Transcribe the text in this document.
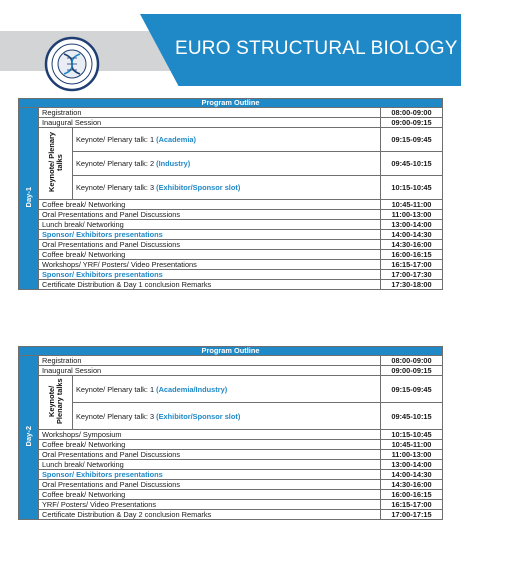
EURO STRUCTURAL BIOLOGY 2019
Program Outline			
Day-1	Registration		08:00-09:00
	Inaugural Session		09:00-09:15
	Keynote/ Plenary talks	Keynote/ Plenary talk: 1 (Academia)	09:15-09:45
		Keynote/ Plenary talk: 2 (Industry)	09:45-10:15
		Keynote/ Plenary talk: 3 (Exhibitor/Sponsor slot)	10:15-10:45
	Coffee break/ Networking		10:45-11:00
	Oral Presentations and Panel Discussions		11:00-13:00
	Lunch break/ Networking		13:00-14:00
	Sponsor/ Exhibitors presentations		14:00-14:30
	Oral Presentations and Panel Discussions		14:30-16:00
	Coffee break/ Networking		16:00-16:15
	Workshops/ YRF/ Posters/ Video Presentations		16:15-17:00
	Sponsor/ Exhibitors presentations		17:00-17:30
	Certificate Distribution & Day 1 conclusion Remarks		17:30-18:00
Program Outline			
Day-2	Registration		08:00-09:00
	Inaugural Session		09:00-09:15
	Keynote/ Plenary talks	Keynote/ Plenary talk: 1 (Academia/Industry)	09:15-09:45
		Keynote/ Plenary talk: 3 (Exhibitor/Sponsor slot)	09:45-10:15
	Workshops/ Symposium		10:15-10:45
	Coffee break/ Networking		10:45-11:00
	Oral Presentations and Panel Discussions		11:00-13:00
	Lunch break/ Networking		13:00-14:00
	Sponsor/ Exhibitors presentations		14:00-14:30
	Oral Presentations and Panel Discussions		14:30-16:00
	Coffee break/ Networking		16:00-16:15
	YRF/ Posters/ Video Presentations		16:15-17:00
	Certificate Distribution & Day 2 conclusion Remarks		17:00-17:15
